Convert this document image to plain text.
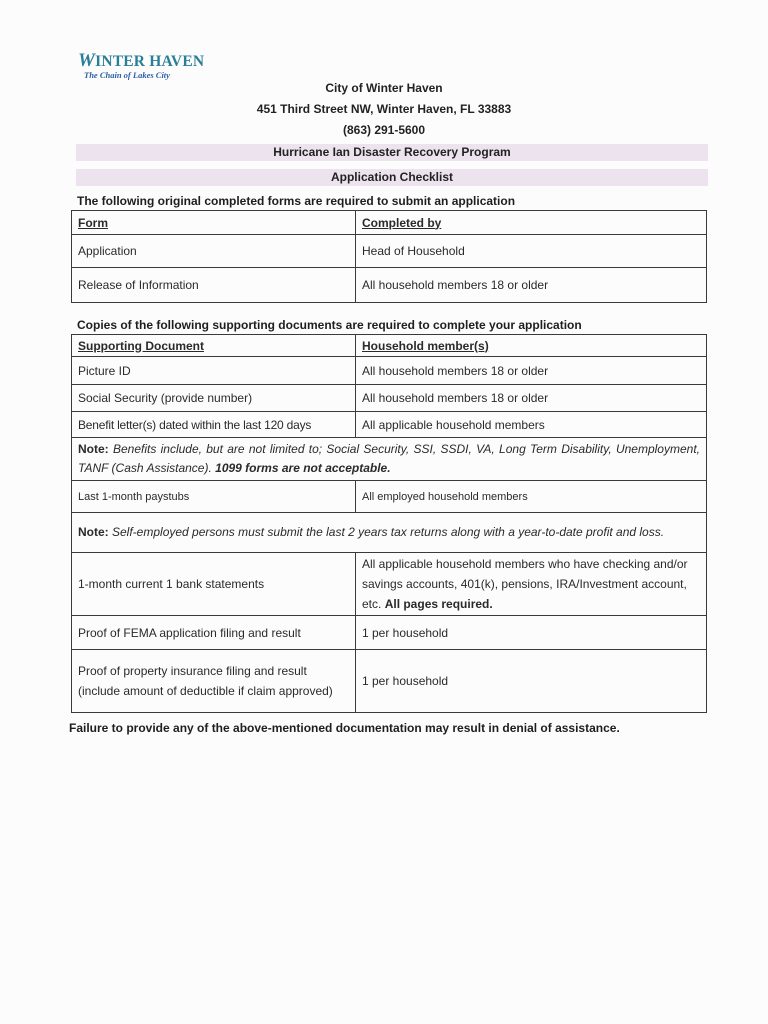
WINTER HAVEN
The Chain of Lakes City
City of Winter Haven
451 Third Street NW, Winter Haven, FL 33883
(863) 291-5600
Hurricane Ian Disaster Recovery Program
Application Checklist
The following original completed forms are required to submit an application
Form	Completed by
Application	Head of Household
Release of Information	All household members 18 or older
Copies of the following supporting documents are required to complete your application
Supporting Document	Household member(s)
Picture ID	All household members 18 or older
Social Security (provide number)	All household members 18 or older
Benefit letter(s) dated within the last 120 days	All applicable household members
Note: Benefits include, but are not limited to; Social Security, SSI, SSDI, VA, Long Term Disability, Unemployment, TANF (Cash Assistance). 1099 forms are not acceptable.	
Last 1-month paystubs	All employed household members
Note: Self-employed persons must submit the last 2 years tax returns along with a year-to-date profit and loss.	
1-month current 1 bank statements	All applicable household members who have checking and/or savings accounts, 401(k), pensions, IRA/Investment account, etc. All pages required.
Proof of FEMA application filing and result	1 per household
Proof of property insurance filing and result (include amount of deductible if claim approved)	1 per household
Failure to provide any of the above-mentioned documentation may result in denial of assistance.
